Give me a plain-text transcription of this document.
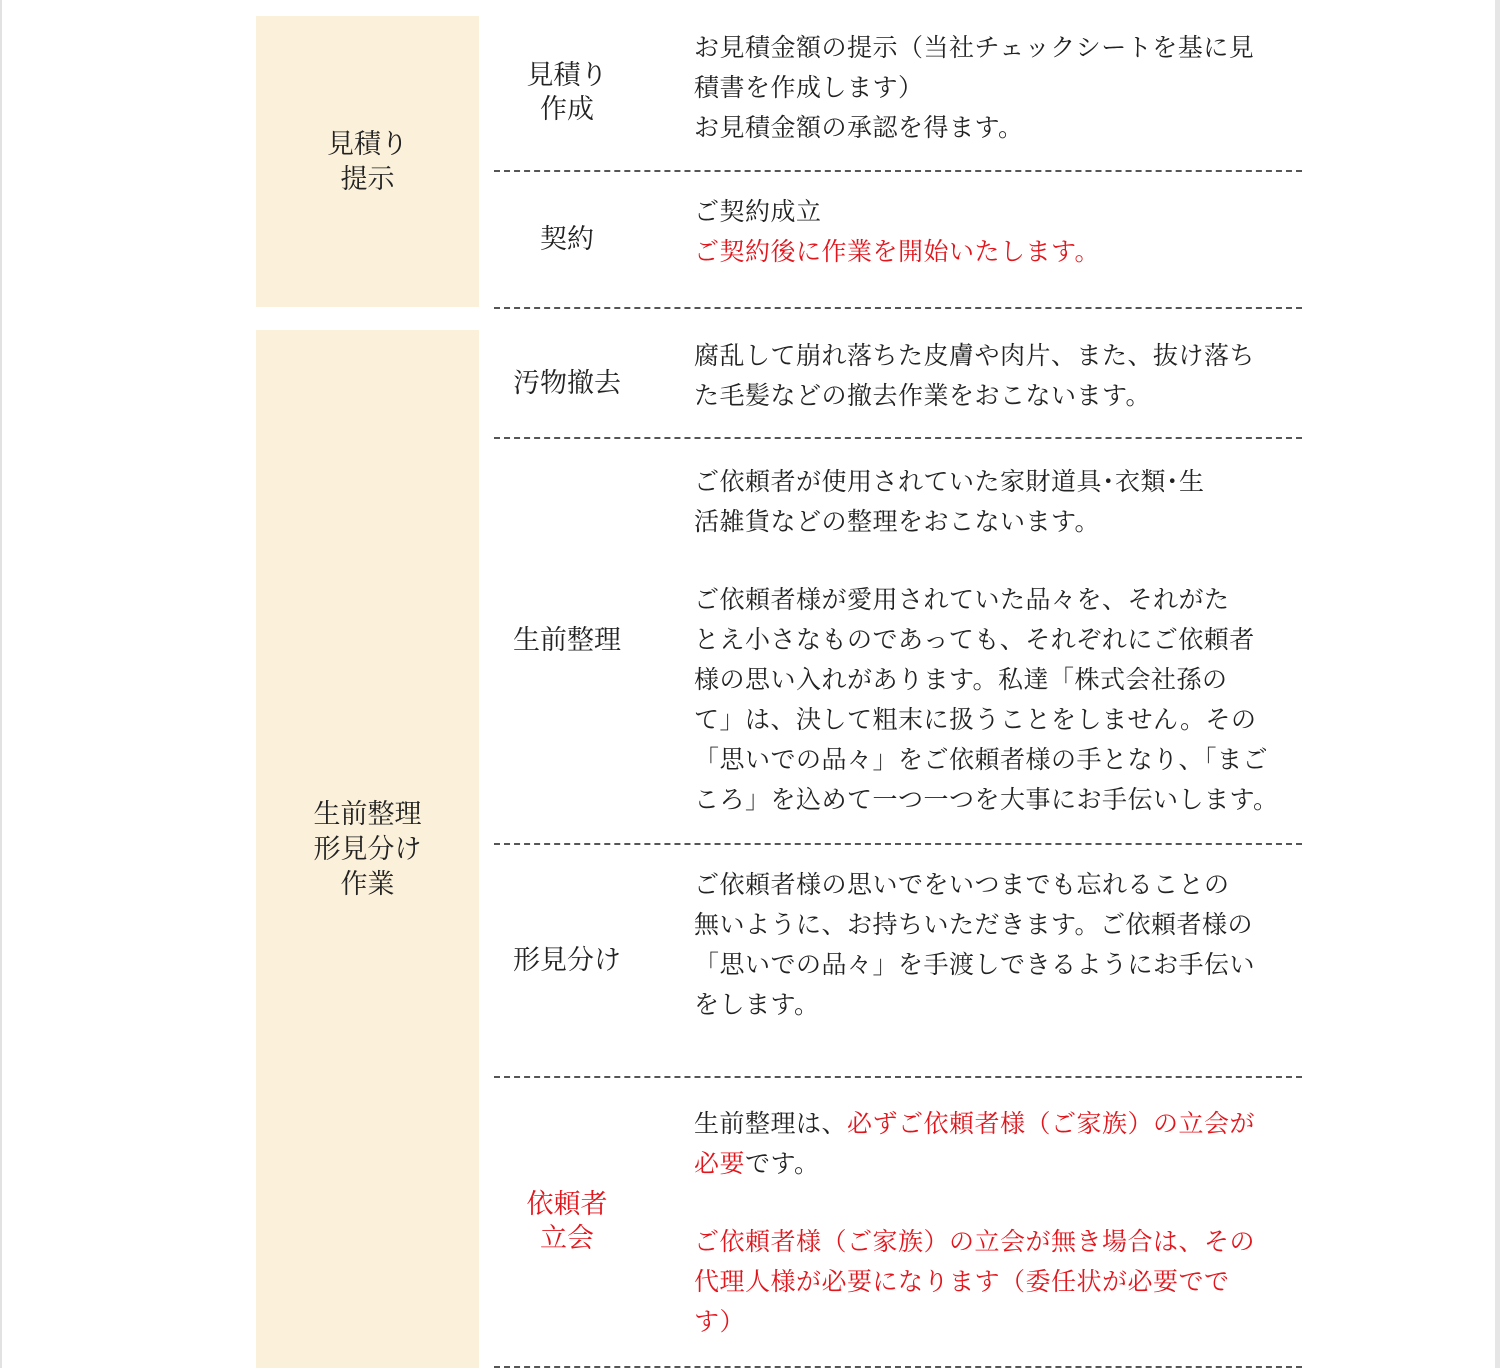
見積り
提示
見積り
作成

お見積金額の提示（当社チェックシートを基に見
積書を作成します）
お見積金額の承認を得ます。

契約

ご契約成立

ご契約後に作業を開始いたします。

生前整理
形見分け
作業
汚物撤去

腐乱して崩れ落ちた皮膚や肉片、また、抜け落ち
た毛髪などの撤去作業をおこないます。

生前整理

ご依頼者が使用されていた家財道具･衣類･生
活雑貨などの整理をおこないます。

ご依頼者様が愛用されていた品々を、それがた
とえ小さなものであっても、それぞれにご依頼者
様の思い入れがあります。私達「株式会社孫の
て」は、決して粗末に扱うことをしません。その
「思いでの品々」をご依頼者様の手となり、「まご
ころ」を込めて一つ一つを大事にお手伝いします。

形見分け

ご依頼者様の思いでをいつまでも忘れることの
無いように、お持ちいただきます。ご依頼者様の
「思いでの品々」を手渡しできるようにお手伝い
をします。

依頼者
立会

生前整理は、必ずご依頼者様（ご家族）の立会が
必要です。

ご依頼者様（ご家族）の立会が無き場合は、その
代理人様が必要になります（委任状が必要でで
す）
